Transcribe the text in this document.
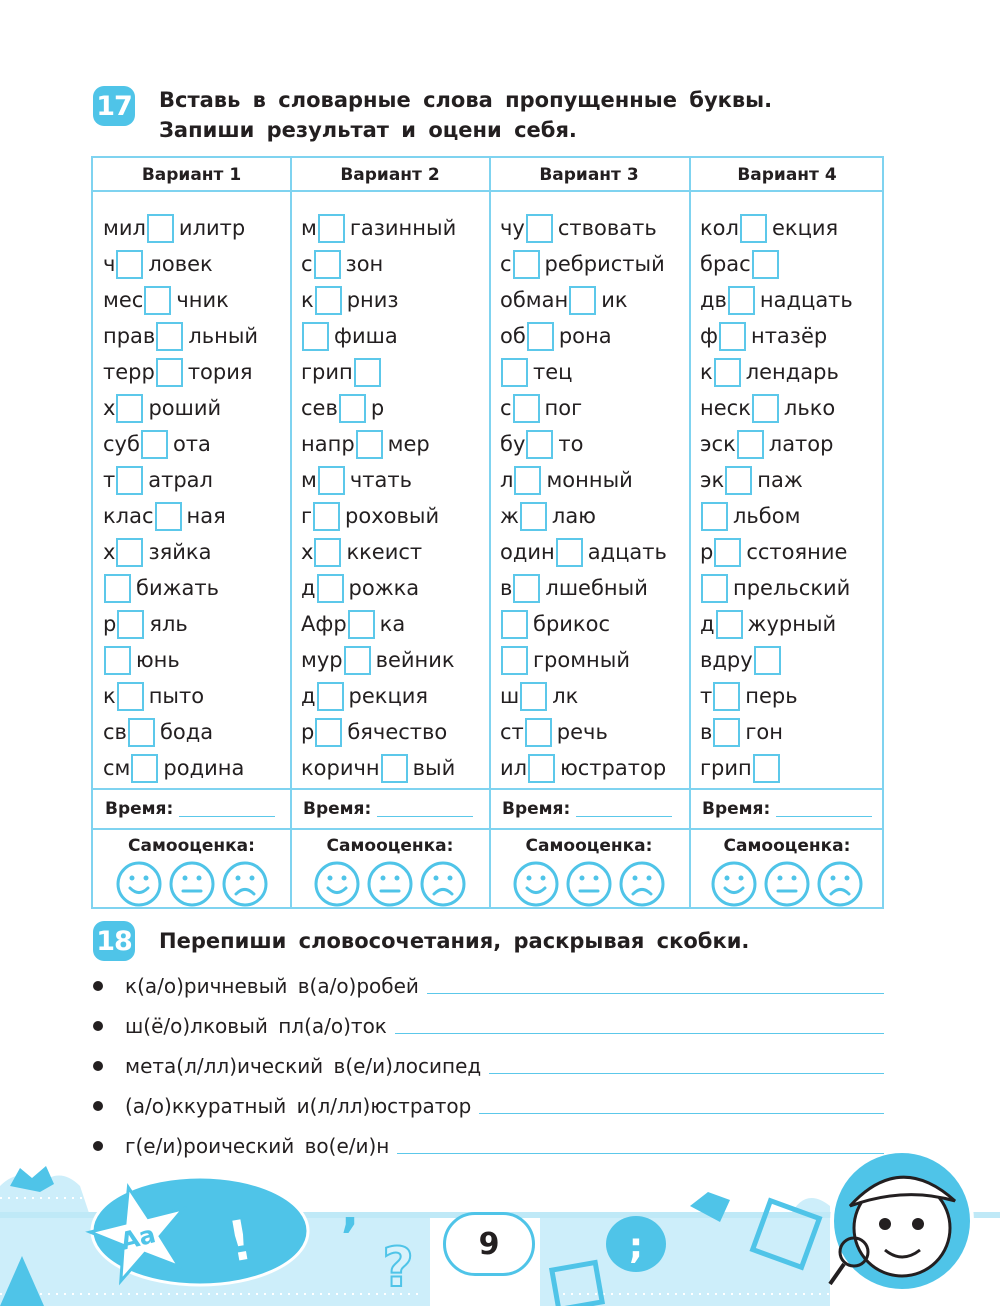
17 Вставь в словарные слова пропущенные буквы.
Запиши результат и оцени себя.
Вариант 1
мил илитр
ч ловек
мес чник
прав льный
терр тория
х роший
суб ота
т атрал
клас ная
х зяйка
бижать
р яль
юнь
к пыто
св бода
см родина
Время:
Самооценка:
Вариант 2
м газинный
с зон
к рниз
фиша
грип
сев р
напр мер
м чтать
г роховый
х ккеист
д рожка
Афр ка
мур вейник
д рекция
р бячество
коричн вый
Время:
Самооценка:
Вариант 3
чу ствовать
с ребристый
обман ик
об рона
тец
с пог
бу то
л монный
ж лаю
один адцать
в лшебный
брикос
громный
ш лк
ст речь
ил юстратор
Время:
Самооценка:
Вариант 4
кол екция
брас
дв надцать
ф нтазёр
к лендарь
неск лько
эск латор
эк паж
льбом
р сстояние
прельский
д журный
вдру
т перь
в гон
грип
Время:
Самооценка:
18 Перепиши словосочетания, раскрывая скобки.
к(а/о)ричневый в(а/о)робей
ш(ё/о)лковый пл(а/о)ток
мета(л/лл)ический в(е/и)лосипед
(а/о)ккуратный и(л/лл)юстратор
г(е/и)роический во(е/и)н
Aa ! ,
?	;
9
